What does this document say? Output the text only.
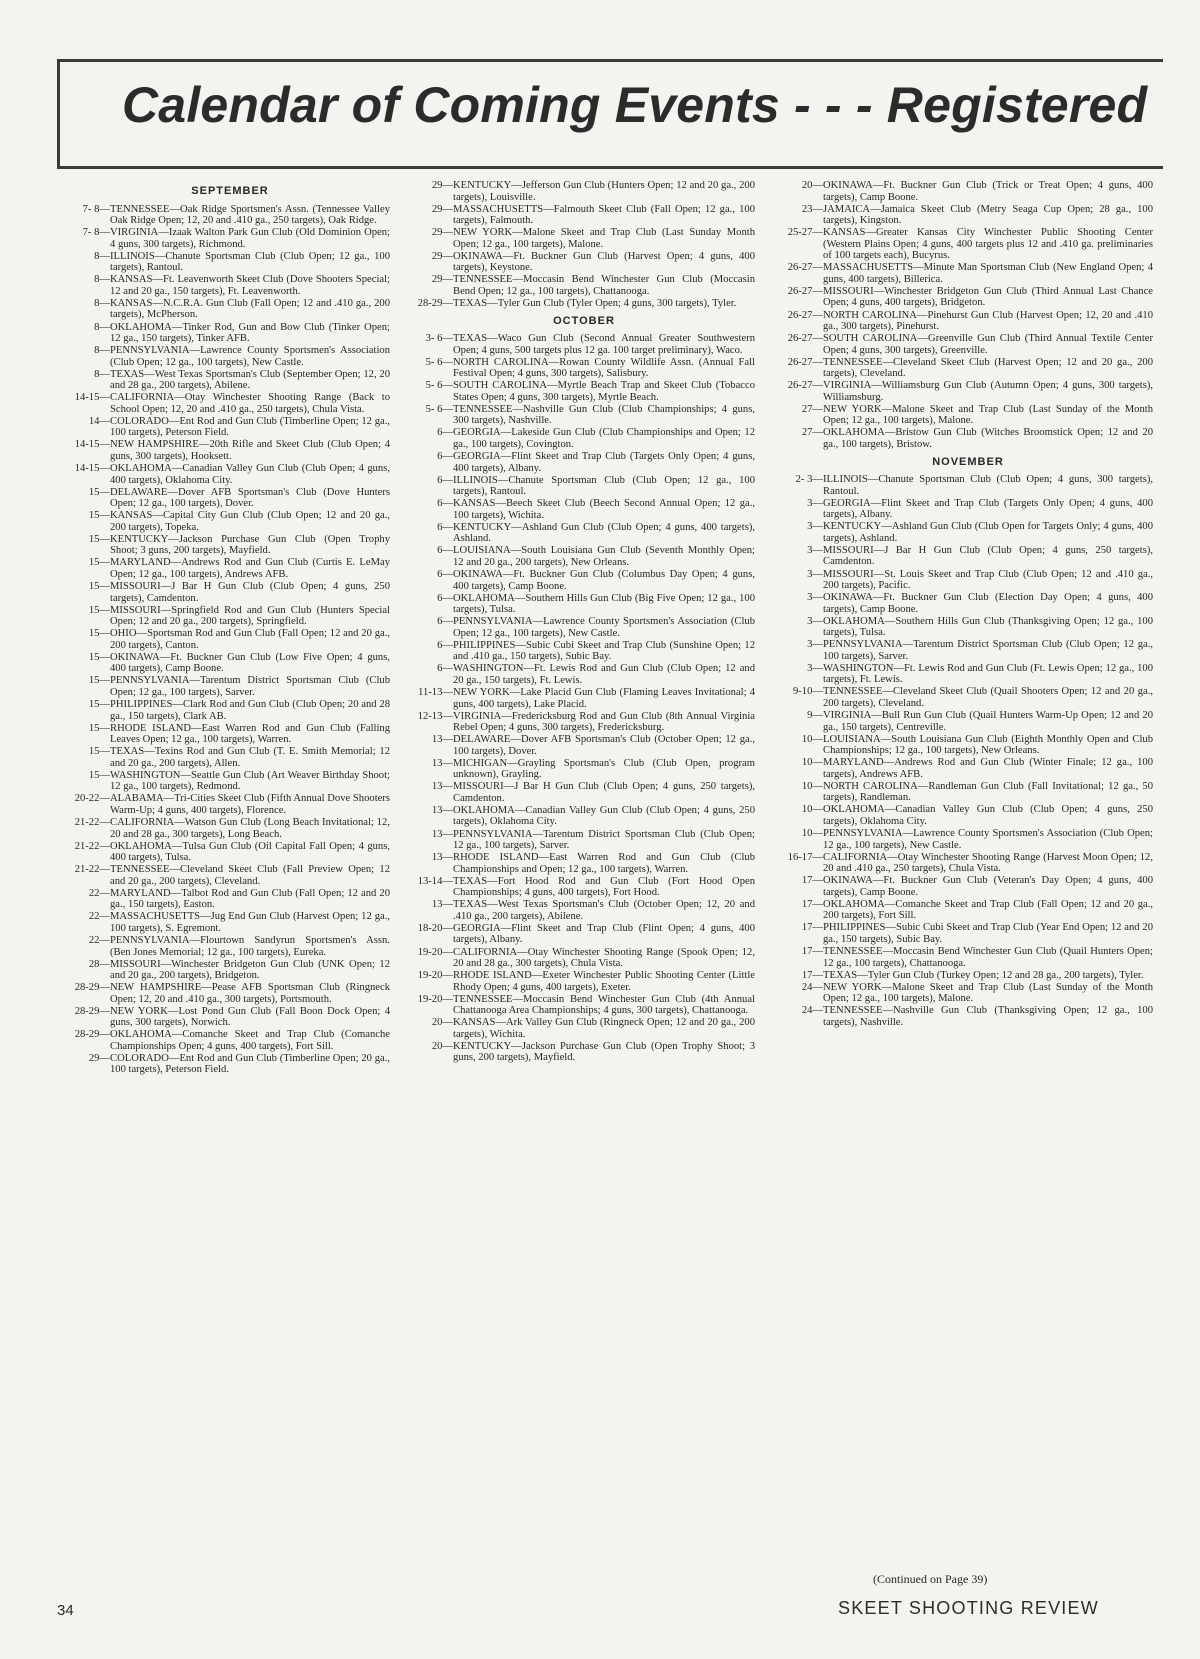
Calendar of Coming Events - - - Registered
SEPTEMBER
7- 8 — TENNESSEE—Oak Ridge Sportsmen's Assn. (Tennessee Valley Oak Ridge Open; 12, 20 and .410 ga., 250 targets), Oak Ridge.
7- 8 — VIRGINIA—Izaak Walton Park Gun Club (Old Dominion Open; 4 guns, 300 targets), Richmond.
8 — ILLINOIS—Chanute Sportsman Club (Club Open; 12 ga., 100 targets), Rantoul.
8 — KANSAS—Ft. Leavenworth Skeet Club (Dove Shooters Special; 12 and 20 ga., 150 targets), Ft. Leavenworth.
8 — KANSAS—N.C.R.A. Gun Club (Fall Open; 12 and .410 ga., 200 targets), McPherson.
8 — OKLAHOMA—Tinker Rod, Gun and Bow Club (Tinker Open; 12 ga., 150 targets), Tinker AFB.
8 — PENNSYLVANIA—Lawrence County Sportsmen's Association (Club Open; 12 ga., 100 targets), New Castle.
8 — TEXAS—West Texas Sportsman's Club (September Open; 12, 20 and 28 ga., 200 targets), Abilene.
14-15 — CALIFORNIA—Otay Winchester Shooting Range (Back to School Open; 12, 20 and .410 ga., 250 targets), Chula Vista.
14 — COLORADO—Ent Rod and Gun Club (Timberline Open; 12 ga., 100 targets), Peterson Field.
14-15 — NEW HAMPSHIRE—20th Rifle and Skeet Club (Club Open; 4 guns, 300 targets), Hooksett.
14-15 — OKLAHOMA—Canadian Valley Gun Club (Club Open; 4 guns, 400 targets), Oklahoma City.
15 — DELAWARE—Dover AFB Sportsman's Club (Dove Hunters Open; 12 ga., 100 targets), Dover.
15 — KANSAS—Capital City Gun Club (Club Open; 12 and 20 ga., 200 targets), Topeka.
15 — KENTUCKY—Jackson Purchase Gun Club (Open Trophy Shoot; 3 guns, 200 targets), Mayfield.
15 — MARYLAND—Andrews Rod and Gun Club (Curtis E. LeMay Open; 12 ga., 100 targets), Andrews AFB.
15 — MISSOURI—J Bar H Gun Club (Club Open; 4 guns, 250 targets), Camdenton.
15 — MISSOURI—Springfield Rod and Gun Club (Hunters Special Open; 12 and 20 ga., 200 targets), Springfield.
15 — OHIO—Sportsman Rod and Gun Club (Fall Open; 12 and 20 ga., 200 targets), Canton.
15 — OKINAWA—Ft. Buckner Gun Club (Low Five Open; 4 guns, 400 targets), Camp Boone.
15 — PENNSYLVANIA—Tarentum District Sportsman Club (Club Open; 12 ga., 100 targets), Sarver.
15 — PHILIPPINES—Clark Rod and Gun Club (Club Open; 20 and 28 ga., 150 targets), Clark AB.
15 — RHODE ISLAND—East Warren Rod and Gun Club (Falling Leaves Open; 12 ga., 100 targets), Warren.
15 — TEXAS—Texins Rod and Gun Club (T. E. Smith Memorial; 12 and 20 ga., 200 targets), Allen.
15 — WASHINGTON—Seattle Gun Club (Art Weaver Birthday Shoot; 12 ga., 100 targets), Redmond.
20-22 — ALABAMA—Tri-Cities Skeet Club (Fifth Annual Dove Shooters Warm-Up; 4 guns, 400 targets), Florence.
21-22 — CALIFORNIA—Watson Gun Club (Long Beach Invitational; 12, 20 and 28 ga., 300 targets), Long Beach.
21-22 — OKLAHOMA—Tulsa Gun Club (Oil Capital Fall Open; 4 guns, 400 targets), Tulsa.
21-22 — TENNESSEE—Cleveland Skeet Club (Fall Preview Open; 12 and 20 ga., 200 targets), Cleveland.
22 — MARYLAND—Talbot Rod and Gun Club (Fall Open; 12 and 20 ga., 150 targets), Easton.
22 — MASSACHUSETTS—Jug End Gun Club (Harvest Open; 12 ga., 100 targets), S. Egremont.
22 — PENNSYLVANIA—Flourtown Sandyrun Sportsmen's Assn. (Ben Jones Memorial; 12 ga., 100 targets), Eureka.
28 — MISSOURI—Winchester Bridgeton Gun Club (UNK Open; 12 and 20 ga., 200 targets), Bridgeton.
28-29 — NEW HAMPSHIRE—Pease AFB Sportsman Club (Ringneck Open; 12, 20 and .410 ga., 300 targets), Portsmouth.
28-29 — NEW YORK—Lost Pond Gun Club (Fall Boon Dock Open; 4 guns, 300 targets), Norwich.
28-29 — OKLAHOMA—Comanche Skeet and Trap Club (Comanche Championships Open; 4 guns, 400 targets), Fort Sill.
29 — COLORADO—Ent Rod and Gun Club (Timberline Open; 20 ga., 100 targets), Peterson Field.
29 — KENTUCKY—Jefferson Gun Club (Hunters Open; 12 and 20 ga., 200 targets), Louisville.
29 — MASSACHUSETTS—Falmouth Skeet Club (Fall Open; 12 ga., 100 targets), Falmouth.
29 — NEW YORK—Malone Skeet and Trap Club (Last Sunday Month Open; 12 ga., 100 targets), Malone.
29 — OKINAWA—Ft. Buckner Gun Club (Harvest Open; 4 guns, 400 targets), Keystone.
29 — TENNESSEE—Moccasin Bend Winchester Gun Club (Moccasin Bend Open; 12 ga., 100 targets), Chattanooga.
28-29 — TEXAS—Tyler Gun Club (Tyler Open; 4 guns, 300 targets), Tyler.
OCTOBER
3- 6 — TEXAS—Waco Gun Club (Second Annual Greater Southwestern Open; 4 guns, 500 targets plus 12 ga. 100 target preliminary), Waco.
5- 6 — NORTH CAROLINA—Rowan County Wildlife Assn. (Annual Fall Festival Open; 4 guns, 300 targets), Salisbury.
5- 6 — SOUTH CAROLINA—Myrtle Beach Trap and Skeet Club (Tobacco States Open; 4 guns, 300 targets), Myrtle Beach.
5- 6 — TENNESSEE—Nashville Gun Club (Club Championships; 4 guns, 300 targets), Nashville.
6 — GEORGIA—Lakeside Gun Club (Club Championships and Open; 12 ga., 100 targets), Covington.
6 — GEORGIA—Flint Skeet and Trap Club (Targets Only Open; 4 guns, 400 targets), Albany.
6 — ILLINOIS—Chanute Sportsman Club (Club Open; 12 ga., 100 targets), Rantoul.
6 — KANSAS—Beech Skeet Club (Beech Second Annual Open; 12 ga., 100 targets), Wichita.
6 — KENTUCKY—Ashland Gun Club (Club Open; 4 guns, 400 targets), Ashland.
6 — LOUISIANA—South Louisiana Gun Club (Seventh Monthly Open; 12 and 20 ga., 200 targets), New Orleans.
6 — OKINAWA—Ft. Buckner Gun Club (Columbus Day Open; 4 guns, 400 targets), Camp Boone.
6 — OKLAHOMA—Southern Hills Gun Club (Big Five Open; 12 ga., 100 targets), Tulsa.
6 — PENNSYLVANIA—Lawrence County Sportsmen's Association (Club Open; 12 ga., 100 targets), New Castle.
6 — PHILIPPINES—Subic Cubi Skeet and Trap Club (Sunshine Open; 12 and .410 ga., 150 targets), Subic Bay.
6 — WASHINGTON—Ft. Lewis Rod and Gun Club (Club Open; 12 and 20 ga., 150 targets), Ft. Lewis.
11-13 — NEW YORK—Lake Placid Gun Club (Flaming Leaves Invitational; 4 guns, 400 targets), Lake Placid.
12-13 — VIRGINIA—Fredericksburg Rod and Gun Club (8th Annual Virginia Rebel Open; 4 guns, 300 targets), Fredericksburg.
13 — DELAWARE—Dover AFB Sportsman's Club (October Open; 12 ga., 100 targets), Dover.
13 — MICHIGAN—Grayling Sportsman's Club (Club Open, program unknown), Grayling.
13 — MISSOURI—J Bar H Gun Club (Club Open; 4 guns, 250 targets), Camdenton.
13 — OKLAHOMA—Canadian Valley Gun Club (Club Open; 4 guns, 250 targets), Oklahoma City.
13 — PENNSYLVANIA—Tarentum District Sportsman Club (Club Open; 12 ga., 100 targets), Sarver.
13 — RHODE ISLAND—East Warren Rod and Gun Club (Club Championships and Open; 12 ga., 100 targets), Warren.
13-14 — TEXAS—Fort Hood Rod and Gun Club (Fort Hood Open Championships; 4 guns, 400 targets), Fort Hood.
13 — TEXAS—West Texas Sportsman's Club (October Open; 12, 20 and .410 ga., 200 targets), Abilene.
18-20 — GEORGIA—Flint Skeet and Trap Club (Flint Open; 4 guns, 400 targets), Albany.
19-20 — CALIFORNIA—Otay Winchester Shooting Range (Spook Open; 12, 20 and 28 ga., 300 targets), Chula Vista.
19-20 — RHODE ISLAND—Exeter Winchester Public Shooting Center (Little Rhody Open; 4 guns, 400 targets), Exeter.
19-20 — TENNESSEE—Moccasin Bend Winchester Gun Club (4th Annual Chattanooga Area Championships; 4 guns, 300 targets), Chattanooga.
20 — KANSAS—Ark Valley Gun Club (Ringneck Open; 12 and 20 ga., 200 targets), Wichita.
20 — KENTUCKY—Jackson Purchase Gun Club (Open Trophy Shoot; 3 guns, 200 targets), Mayfield.
20 — OKINAWA—Ft. Buckner Gun Club (Trick or Treat Open; 4 guns, 400 targets), Camp Boone.
23 — JAMAICA—Jamaica Skeet Club (Metry Seaga Cup Open; 28 ga., 100 targets), Kingston.
25-27 — KANSAS—Greater Kansas City Winchester Public Shooting Center (Western Plains Open; 4 guns, 400 targets plus 12 and .410 ga. preliminaries of 100 targets each), Bucyrus.
26-27 — MASSACHUSETTS—Minute Man Sportsman Club (New England Open; 4 guns, 400 targets), Billerica.
26-27 — MISSOURI—Winchester Bridgeton Gun Club (Third Annual Last Chance Open; 4 guns, 400 targets), Bridgeton.
26-27 — NORTH CAROLINA—Pinehurst Gun Club (Harvest Open; 12, 20 and .410 ga., 300 targets), Pinehurst.
26-27 — SOUTH CAROLINA—Greenville Gun Club (Third Annual Textile Center Open; 4 guns, 300 targets), Greenville.
26-27 — TENNESSEE—Cleveland Skeet Club (Harvest Open; 12 and 20 ga., 200 targets), Cleveland.
26-27 — VIRGINIA—Williamsburg Gun Club (Autumn Open; 4 guns, 300 targets), Williamsburg.
27 — NEW YORK—Malone Skeet and Trap Club (Last Sunday of the Month Open; 12 ga., 100 targets), Malone.
27 — OKLAHOMA—Bristow Gun Club (Witches Broomstick Open; 12 and 20 ga., 100 targets), Bristow.
NOVEMBER
2- 3 — ILLINOIS—Chanute Sportsman Club (Club Open; 4 guns, 300 targets), Rantoul.
3 — GEORGIA—Flint Skeet and Trap Club (Targets Only Open; 4 guns, 400 targets), Albany.
3 — KENTUCKY—Ashland Gun Club (Club Open for Targets Only; 4 guns, 400 targets), Ashland.
3 — MISSOURI—J Bar H Gun Club (Club Open; 4 guns, 250 targets), Camdenton.
3 — MISSOURI—St. Louis Skeet and Trap Club (Club Open; 12 and .410 ga., 200 targets), Pacific.
3 — OKINAWA—Ft. Buckner Gun Club (Election Day Open; 4 guns, 400 targets), Camp Boone.
3 — OKLAHOMA—Southern Hills Gun Club (Thanksgiving Open; 12 ga., 100 targets), Tulsa.
3 — PENNSYLVANIA—Tarentum District Sportsman Club (Club Open; 12 ga., 100 targets), Sarver.
3 — WASHINGTON—Ft. Lewis Rod and Gun Club (Ft. Lewis Open; 12 ga., 100 targets), Ft. Lewis.
9-10 — TENNESSEE—Cleveland Skeet Club (Quail Shooters Open; 12 and 20 ga., 200 targets), Cleveland.
9 — VIRGINIA—Bull Run Gun Club (Quail Hunters Warm-Up Open; 12 and 20 ga., 150 targets), Centreville.
10 — LOUISIANA—South Louisiana Gun Club (Eighth Monthly Open and Club Championships; 12 ga., 100 targets), New Orleans.
10 — MARYLAND—Andrews Rod and Gun Club (Winter Finale; 12 ga., 100 targets), Andrews AFB.
10 — NORTH CAROLINA—Randleman Gun Club (Fall Invitational; 12 ga., 50 targets), Randleman.
10 — OKLAHOMA—Canadian Valley Gun Club (Club Open; 4 guns, 250 targets), Oklahoma City.
10 — PENNSYLVANIA—Lawrence County Sportsmen's Association (Club Open; 12 ga., 100 targets), New Castle.
16-17 — CALIFORNIA—Otay Winchester Shooting Range (Harvest Moon Open; 12, 20 and .410 ga., 250 targets), Chula Vista.
17 — OKINAWA—Ft. Buckner Gun Club (Veteran's Day Open; 4 guns, 400 targets), Camp Boone.
17 — OKLAHOMA—Comanche Skeet and Trap Club (Fall Open; 12 and 20 ga., 200 targets), Fort Sill.
17 — PHILIPPINES—Subic Cubi Skeet and Trap Club (Year End Open; 12 and 20 ga., 150 targets), Subic Bay.
17 — TENNESSEE—Moccasin Bend Winchester Gun Club (Quail Hunters Open; 12 ga., 100 targets), Chattanooga.
17 — TEXAS—Tyler Gun Club (Turkey Open; 12 and 28 ga., 200 targets), Tyler.
24 — NEW YORK—Malone Skeet and Trap Club (Last Sunday of the Month Open; 12 ga., 100 targets), Malone.
24 — TENNESSEE—Nashville Gun Club (Thanksgiving Open; 12 ga., 100 targets), Nashville.
(Continued on Page 39)
34	SKEET SHOOTING REVIEW
